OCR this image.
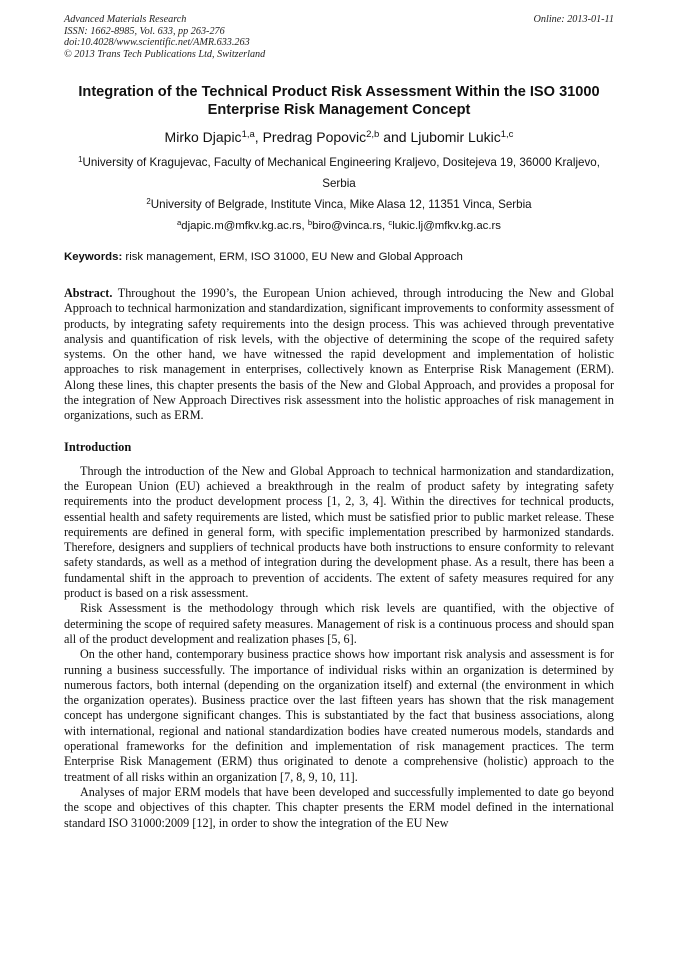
Advanced Materials Research
ISSN: 1662-8985, Vol. 633, pp 263-276
doi:10.4028/www.scientific.net/AMR.633.263
© 2013 Trans Tech Publications Ltd, Switzerland
Online: 2013-01-11
Integration of the Technical Product Risk Assessment Within the ISO 31000 Enterprise Risk Management Concept
Mirko Djapic$^{1,a}$, Predrag Popovic$^{2,b}$ and Ljubomir Lukic$^{1,c}$
$^1$University of Kragujevac, Faculty of Mechanical Engineering Kraljevo, Dositejeva 19, 36000 Kraljevo, Serbia
$^2$University of Belgrade, Institute Vinca, Mike Alasa 12, 11351 Vinca, Serbia
$^a$djapic.m@mfkv.kg.ac.rs, $^b$biro@vinca.rs, $^c$lukic.lj@mfkv.kg.ac.rs
Keywords: risk management, ERM, ISO 31000, EU New and Global Approach
Abstract. Throughout the 1990’s, the European Union achieved, through introducing the New and Global Approach to technical harmonization and standardization, significant improvements to conformity assessment of products, by integrating safety requirements into the design process. This was achieved through preventative analysis and quantification of risk levels, with the objective of determining the scope of the required safety systems. On the other hand, we have witnessed the rapid development and implementation of holistic approaches to risk management in enterprises, collectively known as Enterprise Risk Management (ERM). Along these lines, this chapter presents the basis of the New and Global Approach, and provides a proposal for the integration of New Approach Directives risk assessment into the holistic approaches of risk management in organizations, such as ERM.
Introduction

Through the introduction of the New and Global Approach to technical harmonization and standardization, the European Union (EU) achieved a breakthrough in the realm of product safety by integrating safety requirements into the product development process [1, 2, 3, 4]. Within the directives for technical products, essential health and safety requirements are listed, which must be satisfied prior to public market release. These requirements are defined in general form, with specific implementation prescribed by harmonized standards. Therefore, designers and suppliers of technical products have both instructions to ensure conformity to relevant safety standards, as well as a method of integration during the development phase. As a result, there has been a fundamental shift in the approach to prevention of accidents. The extent of safety measures required for any product is based on a risk assessment.

Risk Assessment is the methodology through which risk levels are quantified, with the objective of determining the scope of required safety measures. Management of risk is a continuous process and should span all of the product development and realization phases [5, 6].

On the other hand, contemporary business practice shows how important risk analysis and assessment is for running a business successfully. The importance of individual risks within an organization is determined by numerous factors, both internal (depending on the organization itself) and external (the environment in which the organization operates). Business practice over the last fifteen years has shown that the risk management concept has undergone significant changes. This is substantiated by the fact that business associations, along with international, regional and national standardization bodies have created numerous models, standards and operational frameworks for the definition and implementation of risk management practices. The term Enterprise Risk Management (ERM) thus originated to denote a comprehensive (holistic) approach to the treatment of all risks within an organization [7, 8, 9, 10, 11].

Analyses of major ERM models that have been developed and successfully implemented to date go beyond the scope and objectives of this chapter. This chapter presents the ERM model defined in the international standard ISO 31000:2009 [12], in order to show the integration of the EU New
